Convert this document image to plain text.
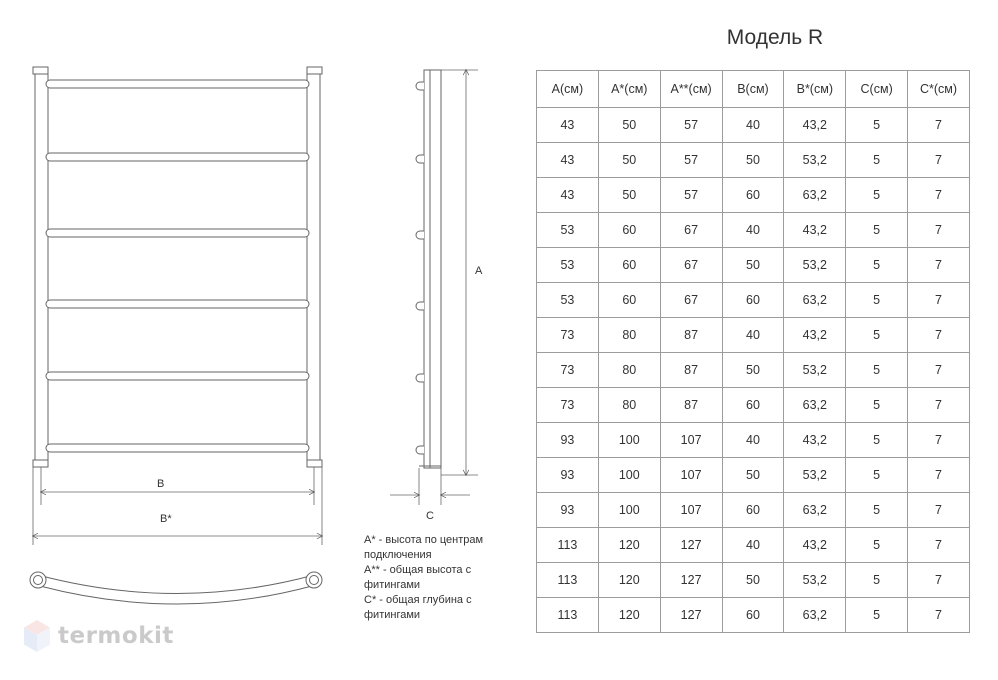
B
B*
A
C
A* - высота по центрам подключения
A** - общая высота с фитингами
C* - общая глубина с фитингами
Модель R
A(см)	A*(см)	A**(см)	B(см)	B*(см)	C(см)	C*(см)
43	50	57	40	43,2	5	7
43	50	57	50	53,2	5	7
43	50	57	60	63,2	5	7
53	60	67	40	43,2	5	7
53	60	67	50	53,2	5	7
53	60	67	60	63,2	5	7
73	80	87	40	43,2	5	7
73	80	87	50	53,2	5	7
73	80	87	60	63,2	5	7
93	100	107	40	43,2	5	7
93	100	107	50	53,2	5	7
93	100	107	60	63,2	5	7
113	120	127	40	43,2	5	7
113	120	127	50	53,2	5	7
113	120	127	60	63,2	5	7
termokit
